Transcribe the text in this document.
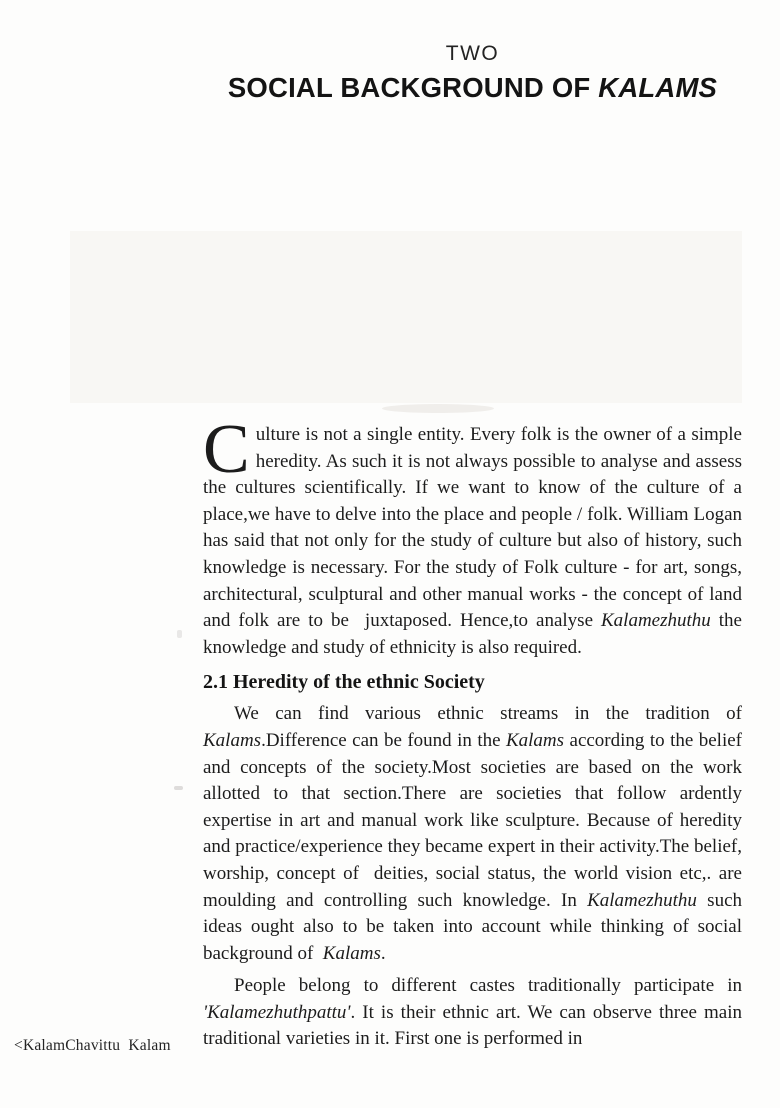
TWO
SOCIAL BACKGROUND OF KALAMS

Culture is not a single entity. Every folk is the owner of a simple heredity. As such it is not always possible to analyse and assess the cultures scientifically. If we want to know of the culture of a place,we have to delve into the place and people / folk. William Logan has said that not only for the study of culture but also of history, such knowledge is necessary. For the study of Folk culture - for art, songs, architectural, sculptural and other manual works - the concept of land and folk are to be  juxtaposed. Hence,to analyse Kalamezhuthu the knowledge and study of ethnicity is also required.

2.1 Heredity of the ethnic Society

We can find various ethnic streams in the tradition of Kalams.Difference can be found in the Kalams according to the belief and concepts of the society.Most societies are based on the work allotted to that section.There are societies that follow ardently expertise in art and manual work like sculpture. Because of heredity and practice/experience they became expert in their activity.The belief, worship, concept of  deities, social status, the world vision etc,. are moulding and controlling such knowledge. In Kalamezhuthu such ideas ought also to be taken into account while thinking of social background of  Kalams.

People belong to different castes traditionally participate in 'Kalamezhuthpattu'. It is their ethnic art. We can observe three main traditional varieties in it. First one is performed in

<KalamChavittu  Kalam
